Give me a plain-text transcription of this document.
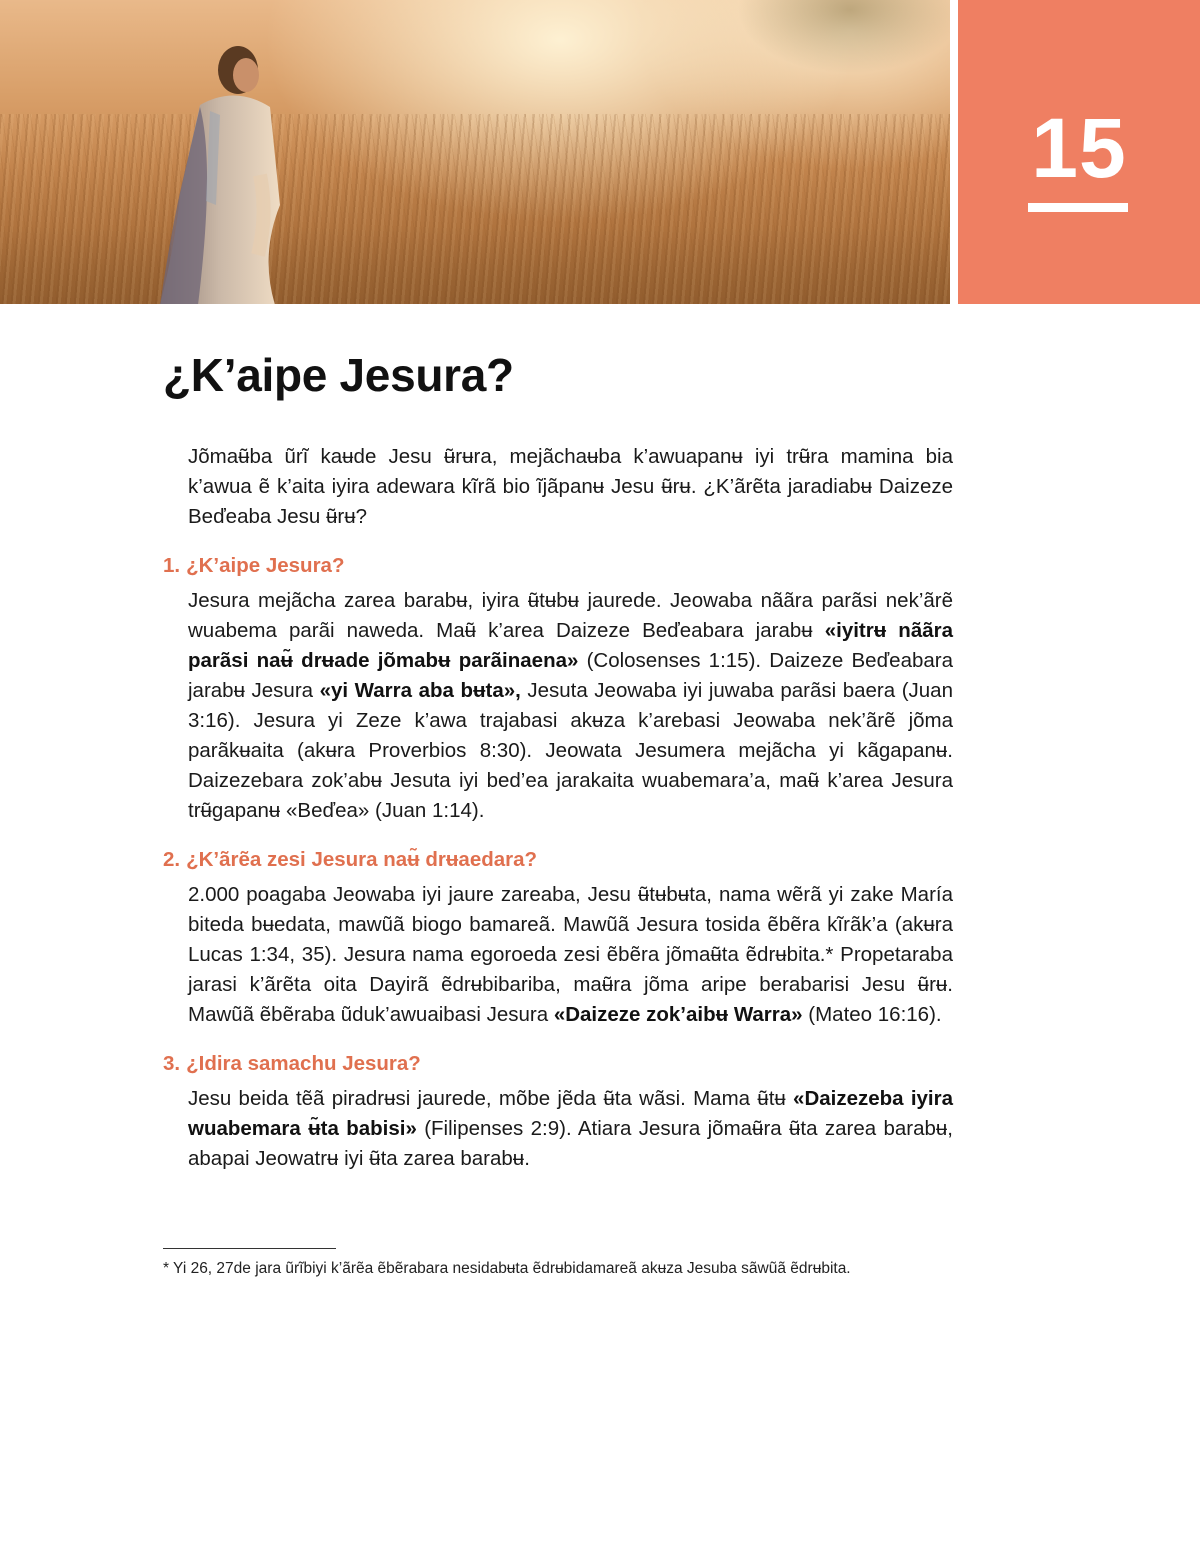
15
¿K’aipe Jesura?

Jõmaʉ̃ba ũrĩ kaʉde Jesu ʉ̃rʉra, mejãchaʉba k’awuapanʉ iyi trʉ̃ra mamina bia k’awua ẽ k’aita iyira adewara kĩrã bio ĩjãpanʉ Jesu ʉ̃rʉ. ¿K’ãrẽta jaradiabʉ Daizeze Beďeaba Jesu ʉ̃rʉ?

1. ¿K’aipe Jesura?

Jesura mejãcha zarea barabʉ, iyira ʉ̃tʉbʉ jaurede. Jeowaba nããra parãsi nek’ãrẽ wuabema parãi naweda. Maʉ̃ k’area Daizeze Beďeabara jarabʉ «iyitrʉ nããra parãsi naʉ̃ drʉade jõmabʉ parãinaena» (Colosenses 1:15). Daizeze Beďeabara jarabʉ Jesura «yi Warra aba bʉta», Jesuta Jeowaba iyi juwaba parãsi baera (Juan 3:16). Jesura yi Zeze k’awa trajabasi akʉza k’arebasi Jeowaba nek’ãrẽ jõma parãkʉaita (akʉra Proverbios 8:30). Jeowata Jesumera mejãcha yi kãgapanʉ. Daizezebara zok’abʉ Jesuta iyi bed’ea jarakaita wuabemara’a, maʉ̃ k’area Jesura trʉ̃gapanʉ «Beďea» (Juan 1:14).

2. ¿K’ãrẽa zesi Jesura naʉ̃ drʉaedara?

2.000 poagaba Jeowaba iyi jaure zareaba, Jesu ʉ̃tʉbʉta, nama wẽrã yi zake María biteda bʉedata, mawũã biogo bamareã. Mawũã Jesura tosida ẽbẽra kĩrãk’a (akʉra Lucas 1:34, 35). Jesura nama egoroeda zesi ẽbẽra jõmaʉ̃ta ẽdrʉbita.* Propetaraba jarasi k’ãrẽta oita Dayirã ẽdrʉbibariba, maʉ̃ra jõma aripe berabarisi Jesu ʉ̃rʉ. Mawũã ẽbẽraba ũduk’awuaibasi Jesura «Daizeze zok’aibʉ Warra» (Mateo 16:16).

3. ¿Idira samachu Jesura?

Jesu beida tẽã piradrʉsi jaurede, mõbe jẽda ʉ̃ta wãsi. Mama ʉ̃tʉ «Daizezeba iyira wuabemara ʉ̃ta babisi» (Filipenses 2:9). Atiara Jesura jõmaʉ̃ra ʉ̃ta zarea barabʉ, abapai Jeowatrʉ iyi ʉ̃ta zarea barabʉ.

* Yi 26, 27de jara ũrĩbiyi k’ãrẽa ẽbẽrabara nesidabʉta ẽdrʉbidamareã akʉza Jesuba sãwũã ẽdrʉbita.
